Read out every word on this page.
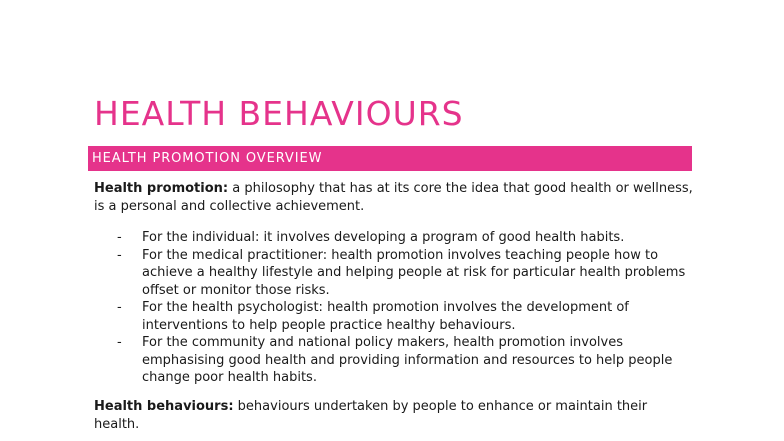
HEALTH BEHAVIOURS
HEALTH PROMOTION OVERVIEW

Health promotion: a philosophy that has at its core the idea that good health or wellness, is a personal and collective achievement.

- For the individual: it involves developing a program of good health habits.
- For the medical practitioner: health promotion involves teaching people how to achieve a healthy lifestyle and helping people at risk for particular health problems offset or monitor those risks.
- For the health psychologist: health promotion involves the development of interventions to help people practice healthy behaviours.
- For the community and national policy makers, health promotion involves emphasising good health and providing information and resources to help people change poor health habits.

Health behaviours: behaviours undertaken by people to enhance or maintain their health.
